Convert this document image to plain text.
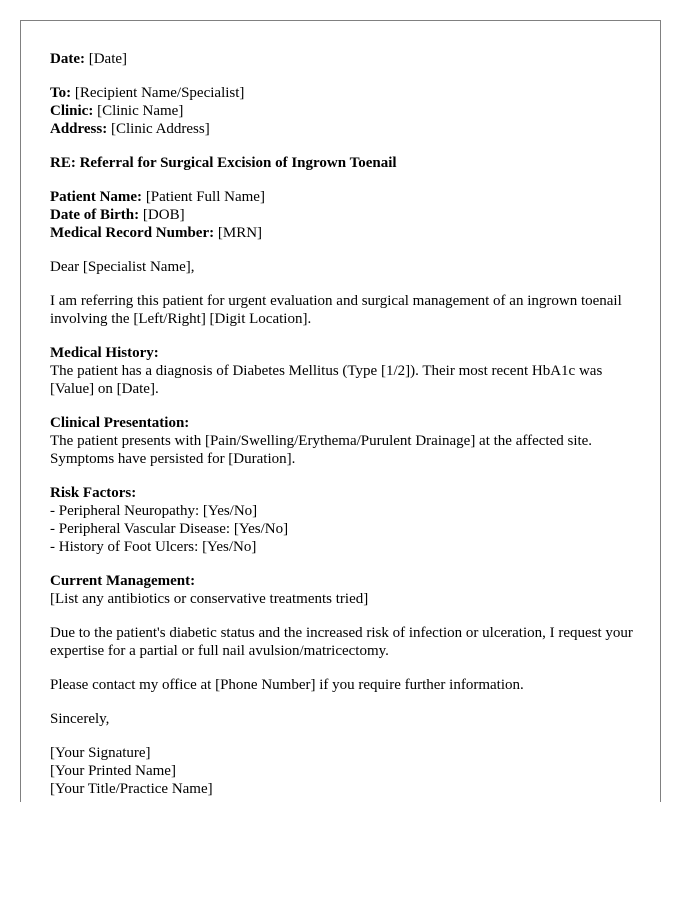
Date: [Date]
To: [Recipient Name/Specialist]
Clinic: [Clinic Name]
Address: [Clinic Address]
RE: Referral for Surgical Excision of Ingrown Toenail
Patient Name: [Patient Full Name]
Date of Birth: [DOB]
Medical Record Number: [MRN]
Dear [Specialist Name],
I am referring this patient for urgent evaluation and surgical management of an ingrown toenail involving the [Left/Right] [Digit Location].
Medical History:
The patient has a diagnosis of Diabetes Mellitus (Type [1/2]). Their most recent HbA1c was [Value] on [Date].
Clinical Presentation:
The patient presents with [Pain/Swelling/Erythema/Purulent Drainage] at the affected site. Symptoms have persisted for [Duration].
Risk Factors:
- Peripheral Neuropathy: [Yes/No]
- Peripheral Vascular Disease: [Yes/No]
- History of Foot Ulcers: [Yes/No]
Current Management:
[List any antibiotics or conservative treatments tried]
Due to the patient's diabetic status and the increased risk of infection or ulceration, I request your expertise for a partial or full nail avulsion/matricectomy.
Please contact my office at [Phone Number] if you require further information.
Sincerely,
[Your Signature]
[Your Printed Name]
[Your Title/Practice Name]
